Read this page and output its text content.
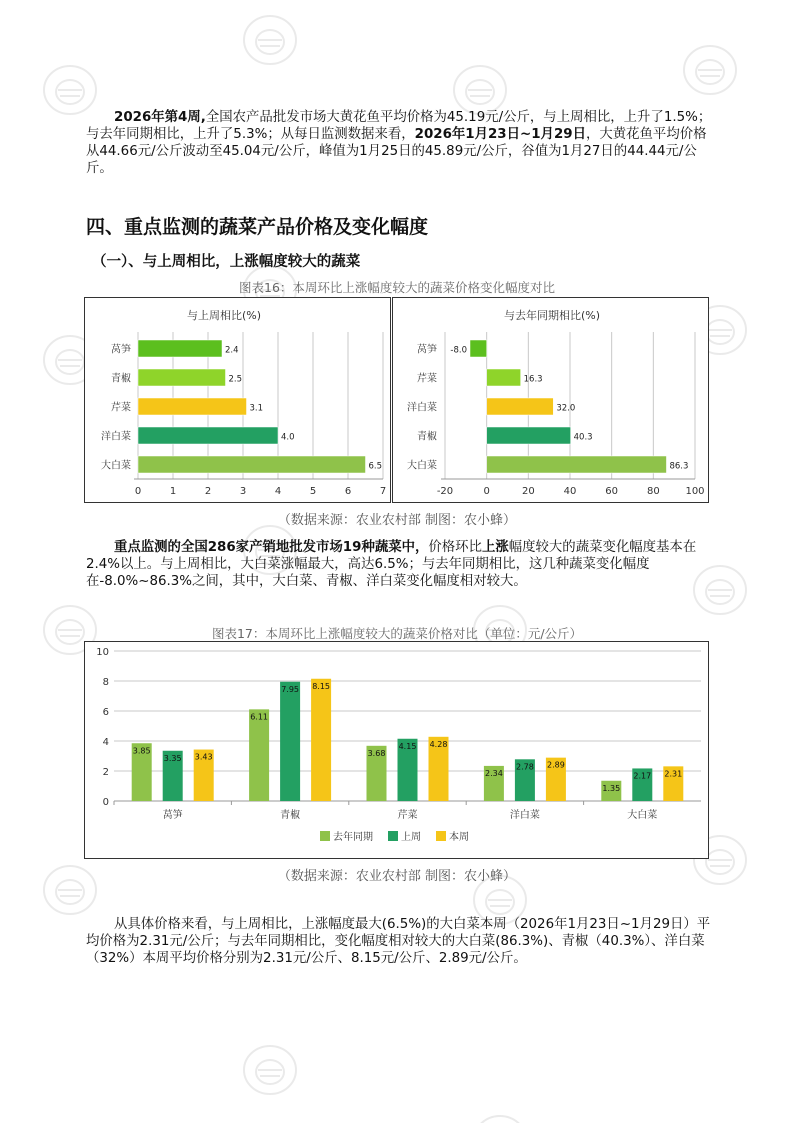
2026年第4周,全国农产品批发市场大黄花鱼平均价格为45.19元/公斤，与上周相比，上升了1.5%；与去年同期相比，上升了5.3%；从每日监测数据来看，2026年1月23日~1月29日，大黄花鱼平均价格从44.66元/公斤波动至45.04元/公斤，峰值为1月25日的45.89元/公斤，谷值为1月27日的44.44元/公斤。
四、重点监测的蔬菜产品价格及变化幅度
（一）、与上周相比，上涨幅度较大的蔬菜
图表16：本周环比上涨幅度较大的蔬菜价格变化幅度对比
与上周相比(%)
0	1	2	3	4	5	6	7
莴笋	2.4
青椒	2.5
芹菜	3.1
洋白菜	4.0
大白菜	6.5
与去年同期相比(%)
-20	0	20	40	60	80	100
莴笋 -8.0
芹菜	16.3
洋白菜	32.0
青椒	40.3
大白菜	86.3
（数据来源：农业农村部 制图：农小蜂）
重点监测的全国286家产销地批发市场19种蔬菜中，价格环比上涨幅度较大的蔬菜变化幅度基本在2.4%以上。与上周相比，大白菜涨幅最大，高达6.5%；与去年同期相比，这几种蔬菜变化幅度在-8.0%~86.3%之间，其中，大白菜、青椒、洋白菜变化幅度相对较大。
图表17：本周环比上涨幅度较大的蔬菜价格对比（单位：元/公斤）
0
2
4
6
8
10
莴笋
3.85
3.35 3.43
青椒
6.11
7.95 8.15
芹菜
3.68
4.15 4.28
洋白菜
2.34
2.78 2.89
大白菜
1.35
2.17 2.31
去年同期	上周	本周
（数据来源：农业农村部 制图：农小蜂）
从具体价格来看，与上周相比，上涨幅度最大(6.5%)的大白菜本周（2026年1月23日~1月29日）平均价格为2.31元/公斤；与去年同期相比，变化幅度相对较大的大白菜(86.3%)、青椒（40.3%）、洋白菜（32%）本周平均价格分别为2.31元/公斤、8.15元/公斤、2.89元/公斤。
